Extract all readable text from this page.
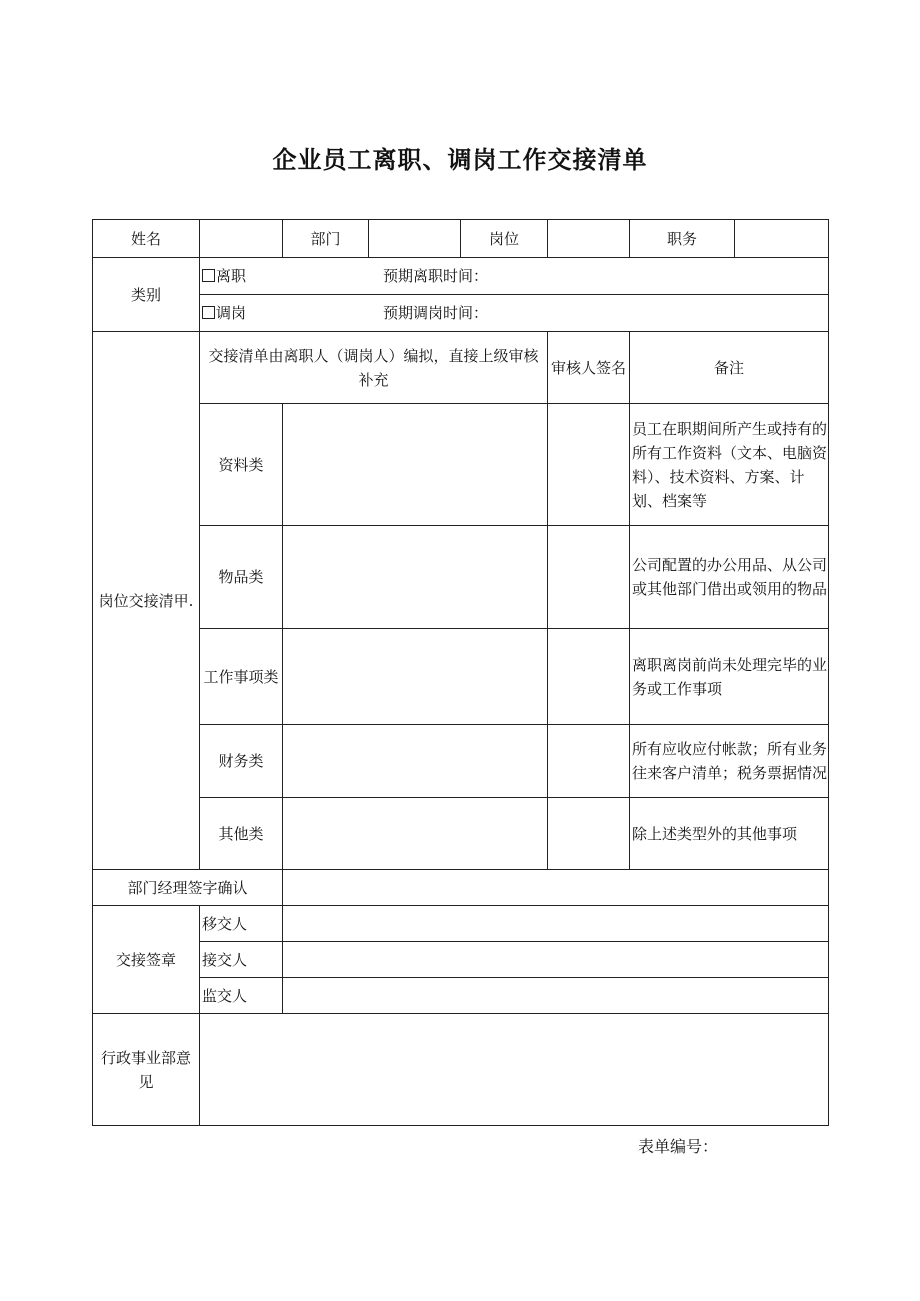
企业员工离职、调岗工作交接清单
姓名		部门		岗位		职务	
类别	离职 预期离职时间：						

	调岗 预期调岗时间：						

岗位交接清甲.	交接清单由离职人（调岗人）编拟，直接上级审核补充				审核人签名	备注	
	资料类					员工在职期间所产生或持有的所有工作资料（文本、电脑资料）、技术资料、方案、计划、档案等	
	物品类					公司配置的办公用品、从公司或其他部门借出或领用的物品	
	工作事项类					离职离岗前尚未处理完毕的业务或工作事项	
	财务类					所有应收应付帐款；所有业务往来客户清单；税务票据情况	
	其他类					除上述类型外的其他事项	
部门经理签字确认							
交接签章	移交人						
	接交人						
	监交人						
行政事业部意见							
表单编号：
